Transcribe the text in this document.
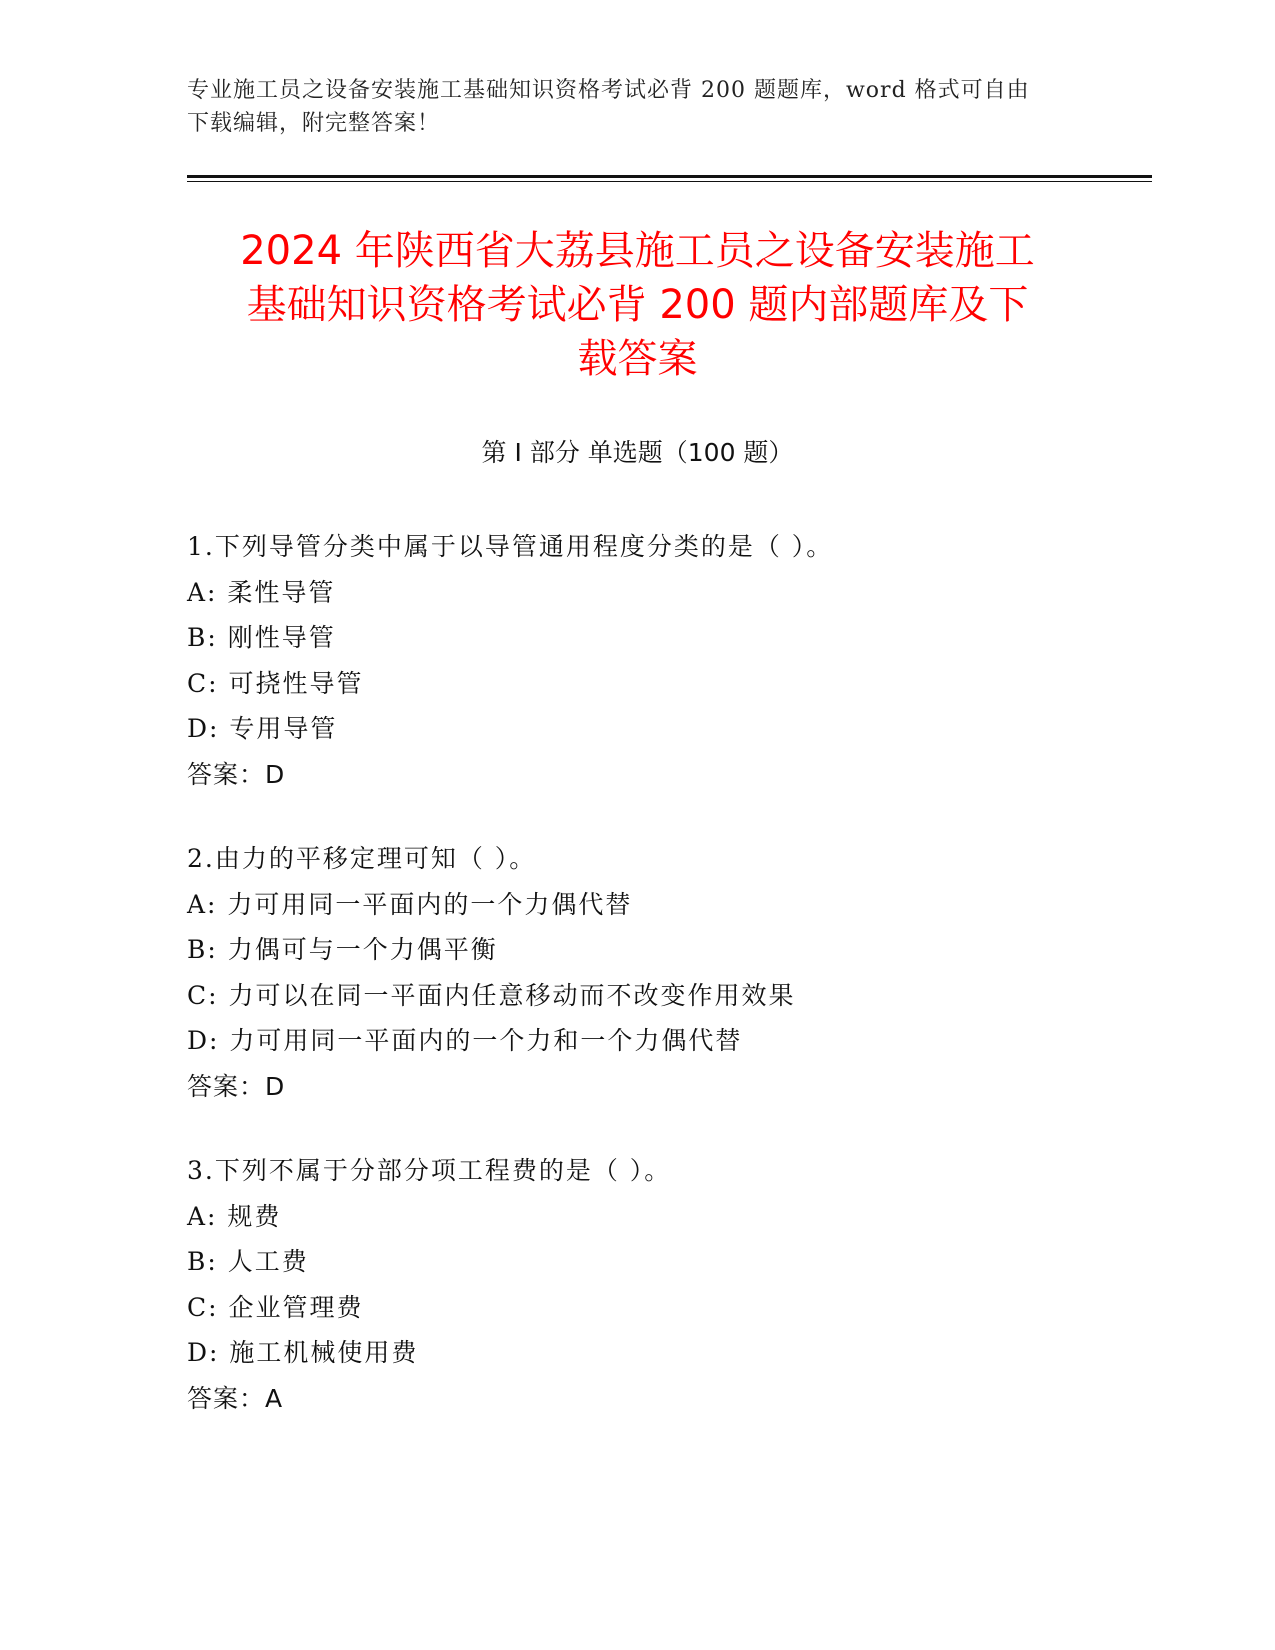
专业施工员之设备安装施工基础知识资格考试必背 200 题题库，word 格式可自由
下载编辑，附完整答案！
2024 年陕西省大荔县施工员之设备安装施工
基础知识资格考试必背 200 题内部题库及下
载答案
第 I 部分 单选题（100 题）
1.下列导管分类中属于以导管通用程度分类的是（ ）。
A: 柔性导管
B: 刚性导管
C: 可挠性导管
D: 专用导管
答案：D
2.由力的平移定理可知（ ）。
A: 力可用同一平面内的一个力偶代替
B: 力偶可与一个力偶平衡
C: 力可以在同一平面内任意移动而不改变作用效果
D: 力可用同一平面内的一个力和一个力偶代替
答案：D
3.下列不属于分部分项工程费的是（ ）。
A: 规费
B: 人工费
C: 企业管理费
D: 施工机械使用费
答案：A
